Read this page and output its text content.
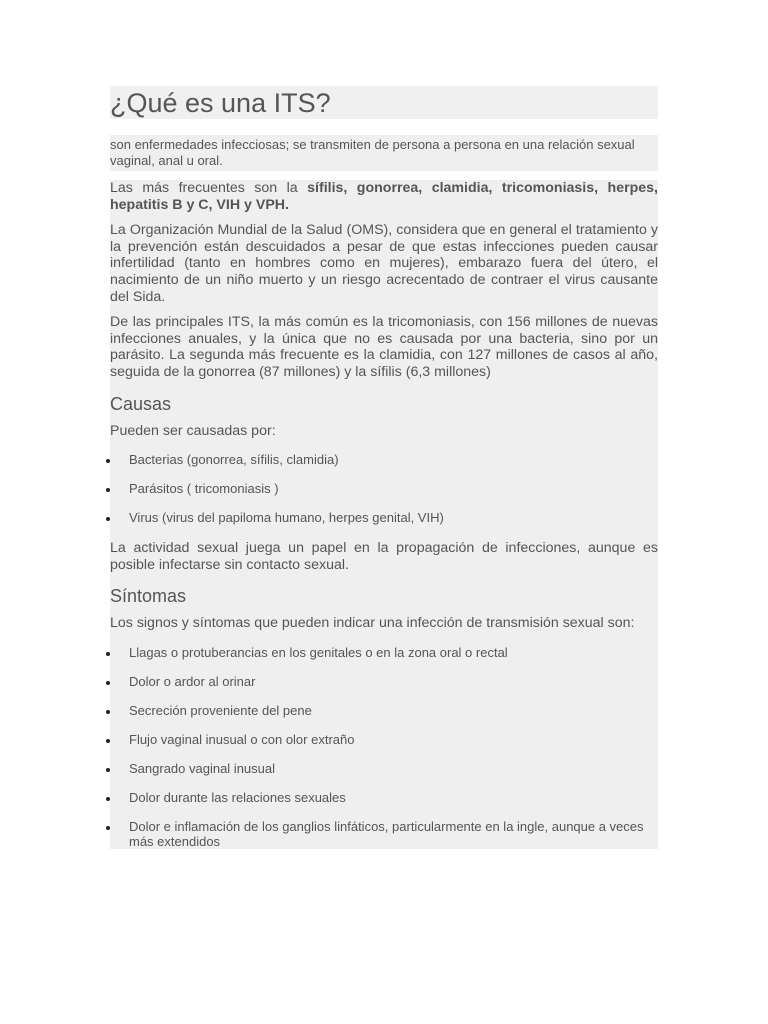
¿Qué es una ITS?
son enfermedades infecciosas; se transmiten de persona a persona en una relación sexual vaginal, anal u oral.

Las más frecuentes son la sífilis, gonorrea, clamidia, tricomoniasis, herpes, hepatitis B y C, VIH y VPH.

La Organización Mundial de la Salud (OMS), considera que en general el tratamiento y la prevención están descuidados a pesar de que estas infecciones pueden causar infertilidad (tanto en hombres como en mujeres), embarazo fuera del útero, el nacimiento de un niño muerto y un riesgo acrecentado de contraer el virus causante del Sida.

De las principales ITS, la más común es la tricomoniasis, con 156 millones de nuevas infecciones anuales, y la única que no es causada por una bacteria, sino por un parásito. La segunda más frecuente es la clamidia, con 127 millones de casos al año, seguida de la gonorrea (87 millones) y la sífilis (6,3 millones)

Causas

Pueden ser causadas por:

Bacterias (gonorrea, sífilis, clamidia)
Parásitos ( tricomoniasis )
Virus (virus del papiloma humano, herpes genital, VIH)

La actividad sexual juega un papel en la propagación de infecciones, aunque es posible infectarse sin contacto sexual.

Síntomas

Los signos y síntomas que pueden indicar una infección de transmisión sexual son:

Llagas o protuberancias en los genitales o en la zona oral o rectal
Dolor o ardor al orinar
Secreción proveniente del pene
Flujo vaginal inusual o con olor extraño
Sangrado vaginal inusual
Dolor durante las relaciones sexuales
Dolor e inflamación de los ganglios linfáticos, particularmente en la ingle, aunque a veces más extendidos
